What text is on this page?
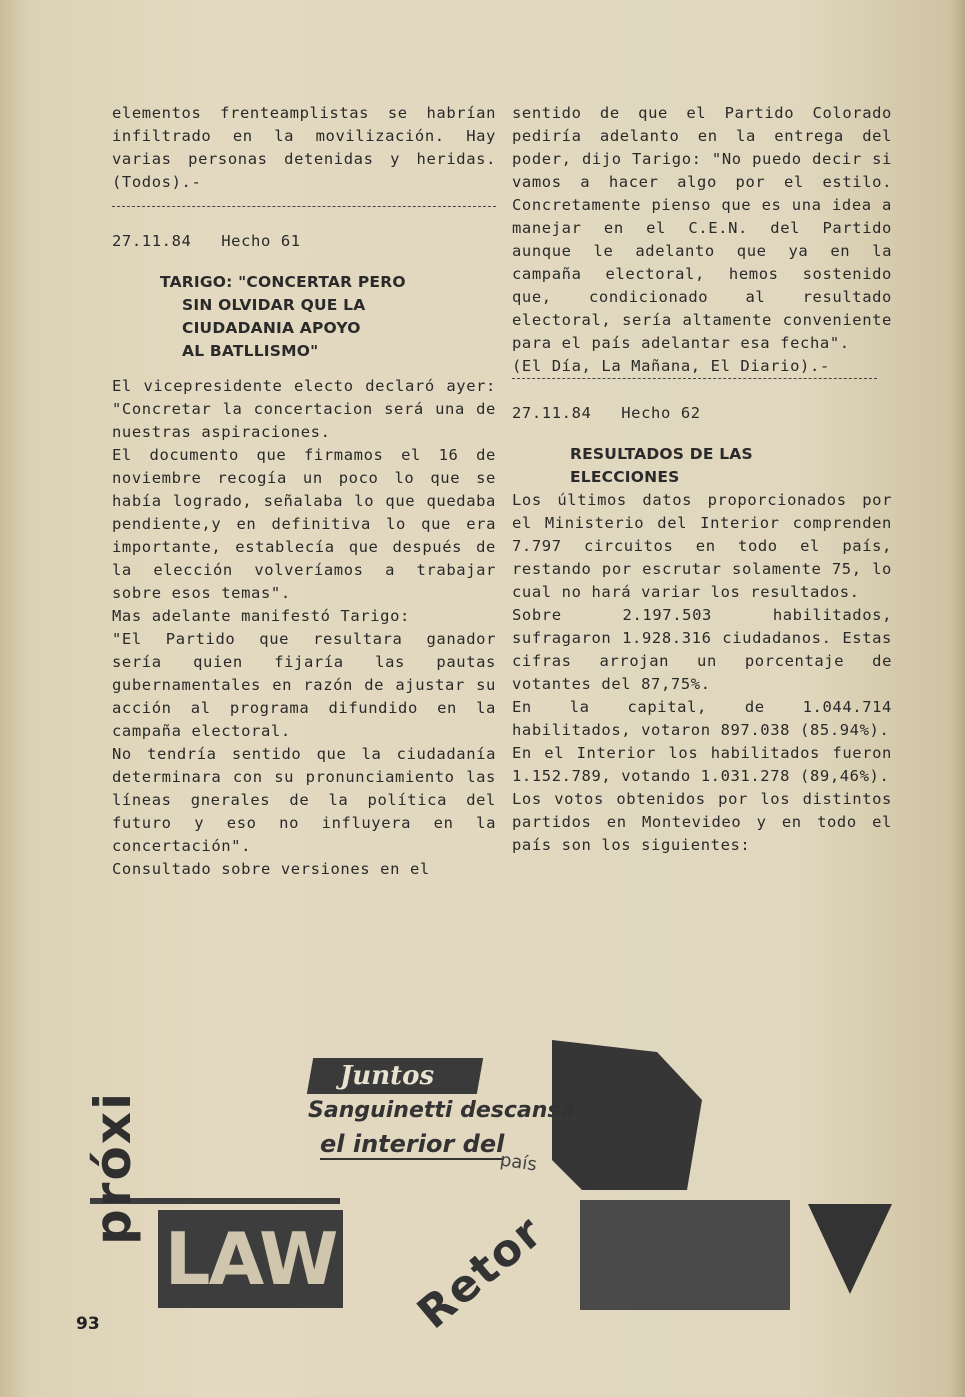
elementos frenteamplistas se habrían infiltrado en la movilización. Hay varias personas detenidas y heridas. (Todos).-

27.11.84   Hecho 61

TARIGO: "CONCERTAR PERO
SIN OLVIDAR QUE LA
CIUDADANIA APOYO
AL BATLLISMO"

El vicepresidente electo declaró ayer: "Concretar la concertacion será una de nuestras aspiraciones.

El documento que firmamos el 16 de noviembre recogía un poco lo que se había logrado, señalaba lo que quedaba pendiente,y en definitiva lo que era importante, establecía que después de la elección volveríamos a trabajar sobre esos temas".

Mas adelante manifestó Tarigo:

"El Partido que resultara ganador sería quien fijaría las pautas gubernamentales en razón de ajustar su acción al programa difundido en la campaña electoral.

No tendría sentido que la ciudadanía determinara con su pronunciamiento las líneas gnerales de la política del futuro y eso no influyera en la concertación".

Consultado sobre versiones en el

sentido de que el Partido Colorado pediría adelanto en la entrega del poder, dijo Tarigo: "No puedo decir si vamos a hacer algo por el estilo. Concretamente pienso que es una idea a manejar en el C.E.N. del Partido aunque le adelanto que ya en la campaña electoral, hemos sostenido que, condicionado al resultado electoral, sería altamente conveniente para el país adelantar esa fecha".

(El Día, La Mañana, El Diario).-

27.11.84   Hecho 62

RESULTADOS DE LAS
ELECCIONES

Los últimos datos proporcionados por el Ministerio del Interior comprenden 7.797 circuitos en todo el país, restando por escrutar solamente 75, lo cual no hará variar los resultados.

Sobre 2.197.503 habilitados, sufragaron 1.928.316 ciudadanos. Estas cifras arrojan un porcentaje de votantes del 87,75%.

En la capital, de 1.044.714 habilitados, votaron 897.038 (85.94%).

En el Interior los habilitados fueron 1.152.789, votando 1.031.278 (89,46%).

Los votos obtenidos por los distintos partidos en Montevideo y en todo el país son los siguientes:

Juntos
Sanguinetti descansa
el interior del
país
próxi
LAW Retor
93
